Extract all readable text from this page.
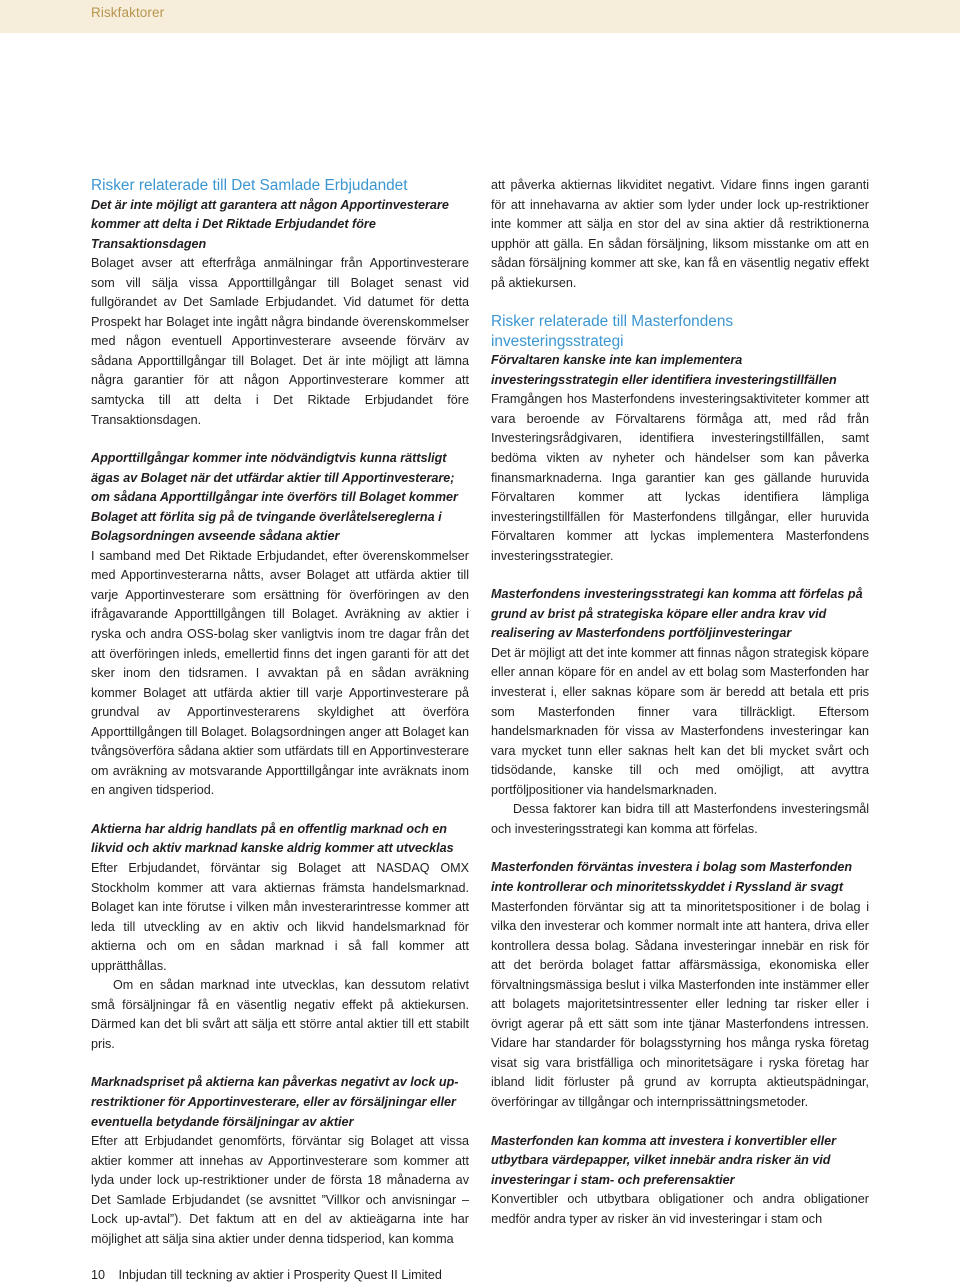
Riskfaktorer
Risker relaterade till Det Samlade Erbjudandet
Det är inte möjligt att garantera att någon Apportinvesterare kommer att delta i Det Riktade Erbjudandet före Transaktionsdagen

Bolaget avser att efterfråga anmälningar från Apportinvesterare som vill sälja vissa Apporttillgångar till Bolaget senast vid fullgörandet av Det Samlade Erbjudandet. Vid datumet för detta Prospekt har Bolaget inte ingått några bindande överenskommelser med någon eventuell Apportinvesterare avseende förvärv av sådana Apporttillgångar till Bolaget. Det är inte möjligt att lämna några garantier för att någon Apportinvesterare kommer att samtycka till att delta i Det Riktade Erbjudandet före Transaktionsdagen.

Apporttillgångar kommer inte nödvändigtvis kunna rättsligt ägas av Bolaget när det utfärdar aktier till Apportinvesterare; om sådana Apporttillgångar inte överförs till Bolaget kommer Bolaget att förlita sig på de tvingande överlåtelsereglerna i Bolagsordningen avseende sådana aktier

I samband med Det Riktade Erbjudandet, efter överenskommelser med Apportinvesterarna nåtts, avser Bolaget att utfärda aktier till varje Apportinvesterare som ersättning för överföringen av den ifrågavarande Apporttillgången till Bolaget. Avräkning av aktier i ryska och andra OSS-bolag sker vanligtvis inom tre dagar från det att överföringen inleds, emellertid finns det ingen garanti för att det sker inom den tidsramen. I avvaktan på en sådan avräkning kommer Bolaget att utfärda aktier till varje Apportinvesterare på grundval av Apportinvesterarens skyldighet att överföra Apporttillgången till Bolaget. Bolagsordningen anger att Bolaget kan tvångsöverföra sådana aktier som utfärdats till en Apportinvesterare om avräkning av motsvarande Apporttillgångar inte avräknats inom en angiven tidsperiod.

Aktierna har aldrig handlats på en offentlig marknad och en likvid och aktiv marknad kanske aldrig kommer att utvecklas

Efter Erbjudandet, förväntar sig Bolaget att NASDAQ OMX Stockholm kommer att vara aktiernas främsta handelsmarknad. Bolaget kan inte förutse i vilken mån investerarintresse kommer att leda till utveckling av en aktiv och likvid handelsmarknad för aktierna och om en sådan marknad i så fall kommer att upprätthållas.

Om en sådan marknad inte utvecklas, kan dessutom relativt små försäljningar få en väsentlig negativ effekt på aktiekursen. Därmed kan det bli svårt att sälja ett större antal aktier till ett stabilt pris.

Marknadspriset på aktierna kan påverkas negativt av lock up-restriktioner för Apportinvesterare, eller av försäljningar eller eventuella betydande försäljningar av aktier

Efter att Erbjudandet genomförts, förväntar sig Bolaget att vissa aktier kommer att innehas av Apportinvesterare som kommer att lyda under lock up-restriktioner under de första 18 månaderna av Det Samlade Erbjudandet (se avsnittet ”Villkor och anvisningar – Lock up-avtal”). Det faktum att en del av aktieägarna inte har möjlighet att sälja sina aktier under denna tidsperiod, kan komma

att påverka aktiernas likviditet negativt. Vidare finns ingen garanti för att innehavarna av aktier som lyder under lock up-restriktioner inte kommer att sälja en stor del av sina aktier då restriktionerna upphör att gälla. En sådan försäljning, liksom misstanke om att en sådan försäljning kommer att ske, kan få en väsentlig negativ effekt på aktiekursen.

Risker relaterade till Masterfondens investeringsstrategi
Förvaltaren kanske inte kan implementera investeringsstrategin eller identifiera investeringstillfällen

Framgången hos Masterfondens investeringsaktiviteter kommer att vara beroende av Förvaltarens förmåga att, med råd från Investeringsrådgivaren, identifiera investeringstillfällen, samt bedöma vikten av nyheter och händelser som kan påverka finansmarknaderna. Inga garantier kan ges gällande huruvida Förvaltaren kommer att lyckas identifiera lämpliga investeringstillfällen för Masterfondens tillgångar, eller huruvida Förvaltaren kommer att lyckas implementera Masterfondens investeringsstrategier.

Masterfondens investeringsstrategi kan komma att förfelas på grund av brist på strategiska köpare eller andra krav vid realisering av Masterfondens portföljinvesteringar

Det är möjligt att det inte kommer att finnas någon strategisk köpare eller annan köpare för en andel av ett bolag som Masterfonden har investerat i, eller saknas köpare som är beredd att betala ett pris som Masterfonden finner vara tillräckligt. Eftersom handelsmarknaden för vissa av Masterfondens investeringar kan vara mycket tunn eller saknas helt kan det bli mycket svårt och tidsödande, kanske till och med omöjligt, att avyttra portföljpositioner via handelsmarknaden.

Dessa faktorer kan bidra till att Masterfondens investeringsmål och investeringsstrategi kan komma att förfelas.

Masterfonden förväntas investera i bolag som Masterfonden inte kontrollerar och minoritetsskyddet i Ryssland är svagt

Masterfonden förväntar sig att ta minoritetspositioner i de bolag i vilka den investerar och kommer normalt inte att hantera, driva eller kontrollera dessa bolag. Sådana investeringar innebär en risk för att det berörda bolaget fattar affärsmässiga, ekonomiska eller förvaltningsmässiga beslut i vilka Masterfonden inte instämmer eller att bolagets majoritetsintressenter eller ledning tar risker eller i övrigt agerar på ett sätt som inte tjänar Masterfondens intressen. Vidare har standarder för bolagsstyrning hos många ryska företag visat sig vara bristfälliga och minoritetsägare i ryska företag har ibland lidit förluster på grund av korrupta aktieutspädningar, överföringar av tillgångar och internprissättningsmetoder.

Masterfonden kan komma att investera i konvertibler eller utbytbara värdepapper, vilket innebär andra risker än vid investeringar i stam- och preferensaktier

Konvertibler och utbytbara obligationer och andra obligationer medför andra typer av risker än vid investeringar i stam och

10 Inbjudan till teckning av aktier i Prosperity Quest II Limited
